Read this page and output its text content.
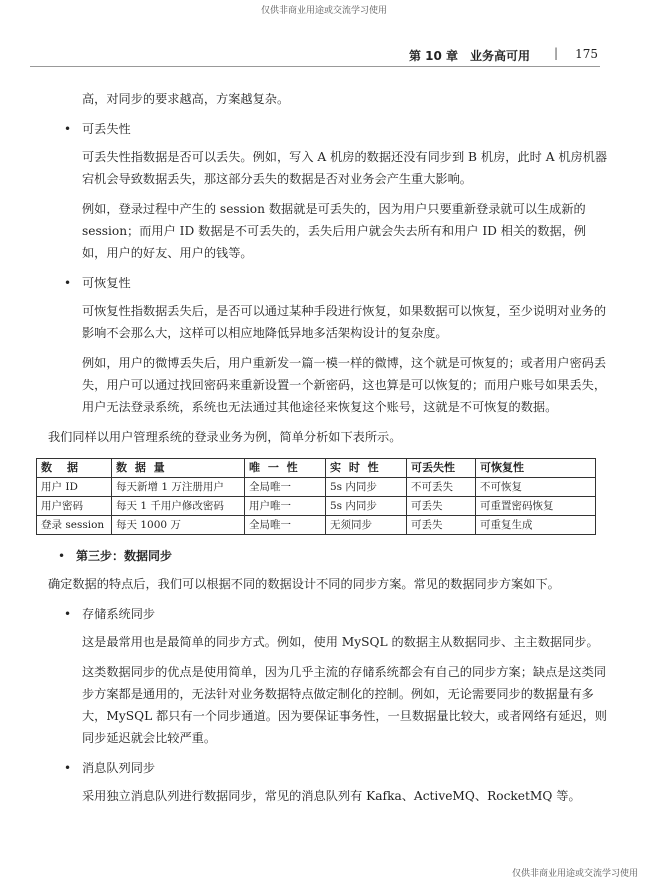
仅供非商业用途或交流学习使用
第 10 章　业务高可用 | 175

高，对同步的要求越高，方案越复杂。

• 可丢失性

可丢失性指数据是否可以丢失。例如，写入 A 机房的数据还没有同步到 B 机房，此时 A 机房机器宕机会导致数据丢失，那这部分丢失的数据是否对业务会产生重大影响。

例如，登录过程中产生的 session 数据就是可丢失的，因为用户只要重新登录就可以生成新的 session；而用户 ID 数据是不可丢失的，丢失后用户就会失去所有和用户 ID 相关的数据，例如，用户的好友、用户的钱等。

• 可恢复性

可恢复性指数据丢失后，是否可以通过某种手段进行恢复，如果数据可以恢复，至少说明对业务的影响不会那么大，这样可以相应地降低异地多活架构设计的复杂度。

例如，用户的微博丢失后，用户重新发一篇一模一样的微博，这个就是可恢复的；或者用户密码丢失，用户可以通过找回密码来重新设置一个新密码，这也算是可以恢复的；而用户账号如果丢失，用户无法登录系统，系统也无法通过其他途径来恢复这个账号，这就是不可恢复的数据。

我们同样以用户管理系统的登录业务为例，简单分析如下表所示。

数　据	数 据 量	唯 一 性	实 时 性	可丢失性	可恢复性
用户 ID	每天新增 1 万注册用户	全局唯一	5s 内同步	不可丢失	不可恢复
用户密码	每天 1 千用户修改密码	用户唯一	5s 内同步	可丢失	可重置密码恢复
登录 session	每天 1000 万	全局唯一	无须同步	可丢失	可重复生成
• 第三步：数据同步

确定数据的特点后，我们可以根据不同的数据设计不同的同步方案。常见的数据同步方案如下。

• 存储系统同步

这是最常用也是最简单的同步方式。例如，使用 MySQL 的数据主从数据同步、主主数据同步。

这类数据同步的优点是使用简单，因为几乎主流的存储系统都会有自己的同步方案；缺点是这类同步方案都是通用的，无法针对业务数据特点做定制化的控制。例如，无论需要同步的数据量有多大，MySQL 都只有一个同步通道。因为要保证事务性，一旦数据量比较大，或者网络有延迟，则同步延迟就会比较严重。

• 消息队列同步

采用独立消息队列进行数据同步，常见的消息队列有 Kafka、ActiveMQ、RocketMQ 等。

仅供非商业用途或交流学习使用
